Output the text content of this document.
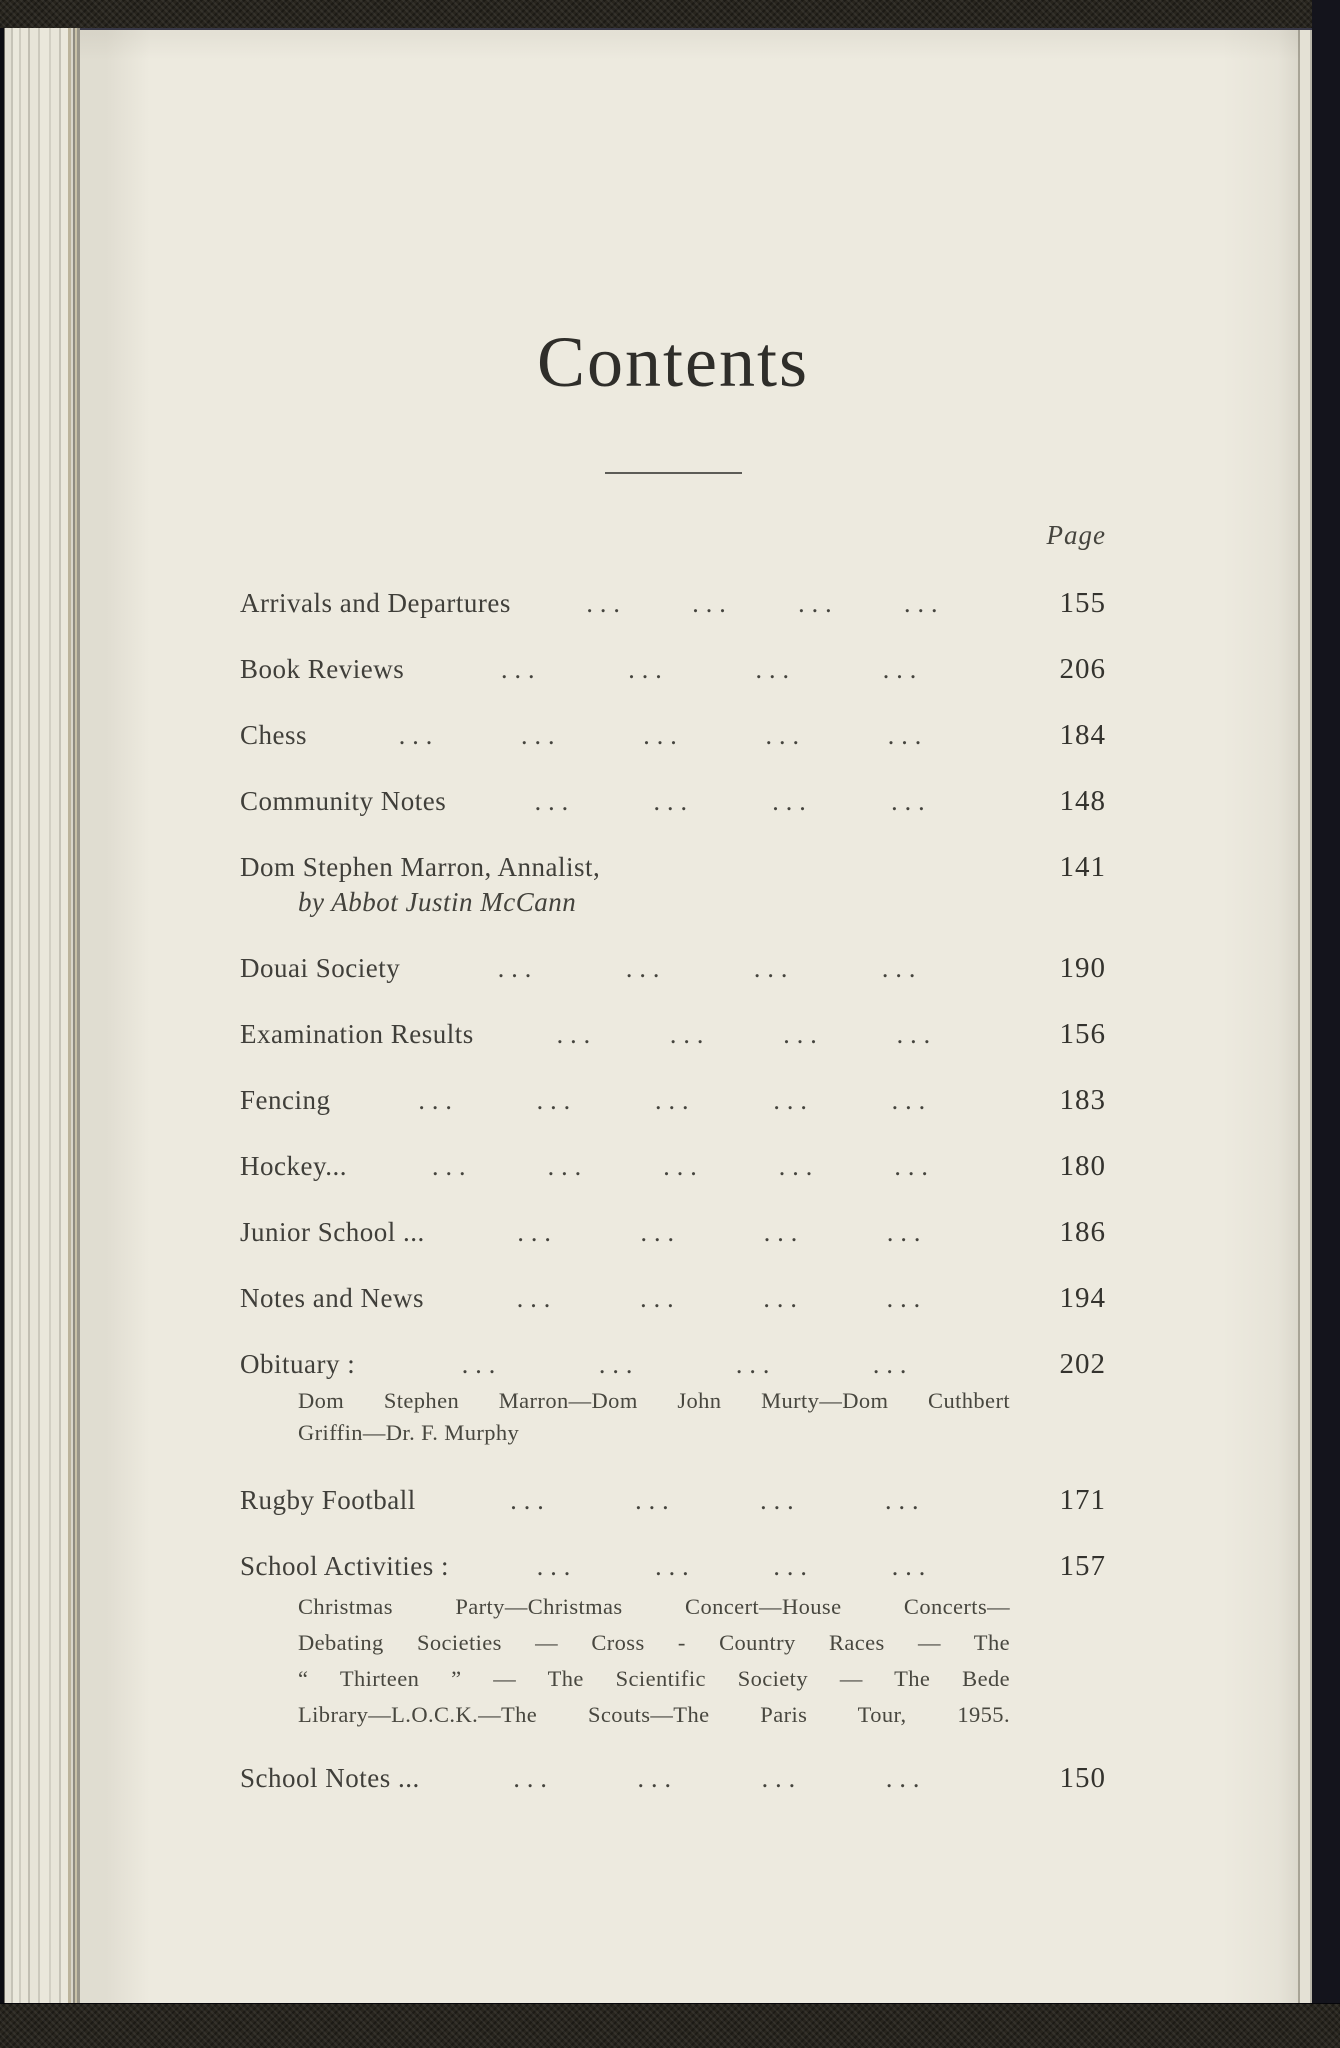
Contents
Page
Arrivals and Departures	...	...	...	...	155
Book Reviews	...	...	...	...	206
Chess	...	...	...	...	...	184
Community Notes	...	...	...	...	148
Dom Stephen Marron, Annalist,	141
by Abbot Justin McCann
Douai Society	...	...	...	...	190
Examination Results	...	...	...	...	156
Fencing	...	...	...	...	...	183
Hockey...	...	...	...	...	...	180
Junior School ...	...	...	...	...	186
Notes and News	...	...	...	...	194
Obituary :	...	...	...	...	202
Dom Stephen Marron—Dom John Murty—Dom Cuthbert
Griffin—Dr. F. Murphy
Rugby Football	...	...	...	...	171
School Activities :	...	...	...	...	157
Christmas Party—Christmas Concert—House Concerts—
Debating Societies — Cross - Country Races — The
“ Thirteen ” — The Scientific Society — The Bede
Library—L.O.C.K.—The Scouts—The Paris Tour, 1955.
School Notes ...	...	...	...	...	150
